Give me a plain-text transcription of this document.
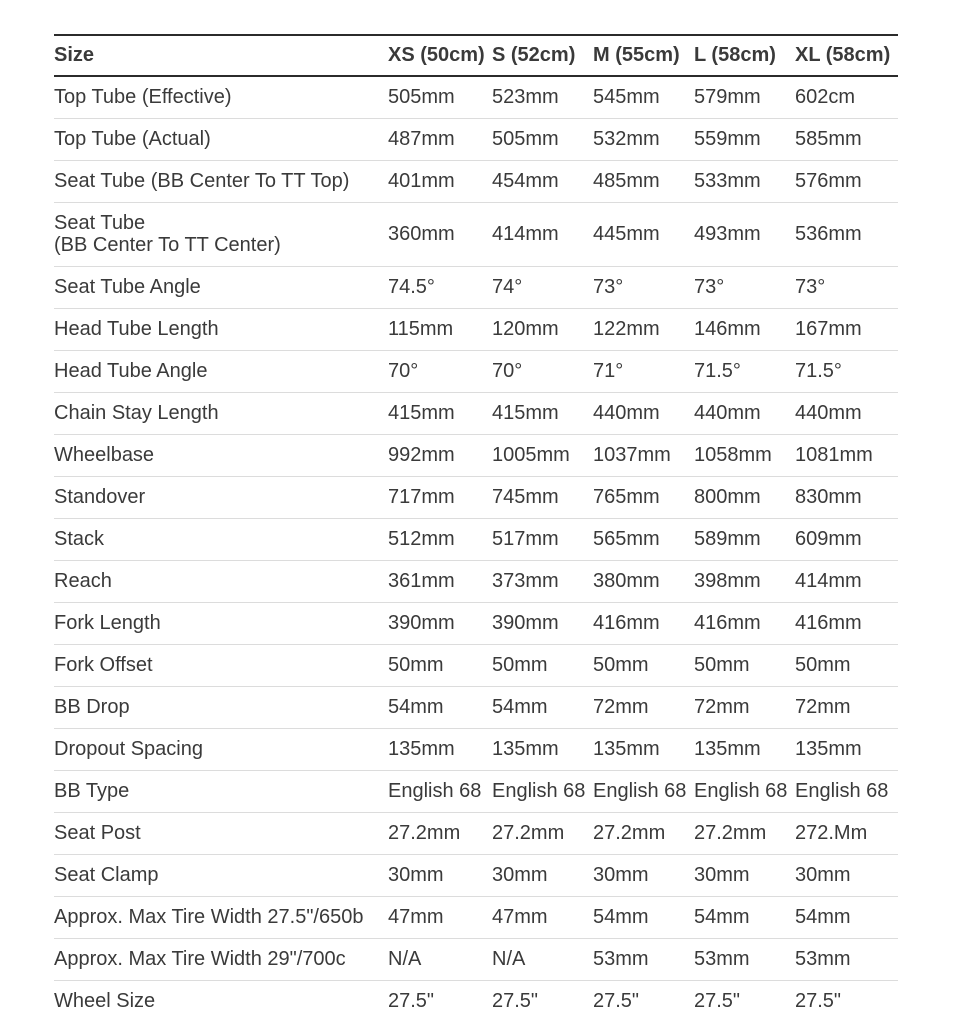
Size	XS (50cm)	S (52cm)	M (55cm)	L (58cm)	XL (58cm)
Top Tube (Effective)	505mm	523mm	545mm	579mm	602cm
Top Tube (Actual)	487mm	505mm	532mm	559mm	585mm
Seat Tube (BB Center To TT Top)	401mm	454mm	485mm	533mm	576mm

Seat Tube
(BB Center To TT Center)	360mm	414mm	445mm	493mm	536mm
Seat Tube Angle	74.5°	74°	73°	73°	73°
Head Tube Length	115mm	120mm	122mm	146mm	167mm
Head Tube Angle	70°	70°	71°	71.5°	71.5°
Chain Stay Length	415mm	415mm	440mm	440mm	440mm
Wheelbase	992mm	1005mm	1037mm	1058mm	1081mm
Standover	717mm	745mm	765mm	800mm	830mm
Stack	512mm	517mm	565mm	589mm	609mm
Reach	361mm	373mm	380mm	398mm	414mm
Fork Length	390mm	390mm	416mm	416mm	416mm
Fork Offset	50mm	50mm	50mm	50mm	50mm
BB Drop	54mm	54mm	72mm	72mm	72mm
Dropout Spacing	135mm	135mm	135mm	135mm	135mm
BB Type	English 68	English 68	English 68	English 68	English 68
Seat Post	27.2mm	27.2mm	27.2mm	27.2mm	272.Mm
Seat Clamp	30mm	30mm	30mm	30mm	30mm
Approx. Max Tire Width 27.5"/650b	47mm	47mm	54mm	54mm	54mm
Approx. Max Tire Width 29"/700c	N/A	N/A	53mm	53mm	53mm
Wheel Size	27.5"	27.5"	27.5"	27.5"	27.5"
